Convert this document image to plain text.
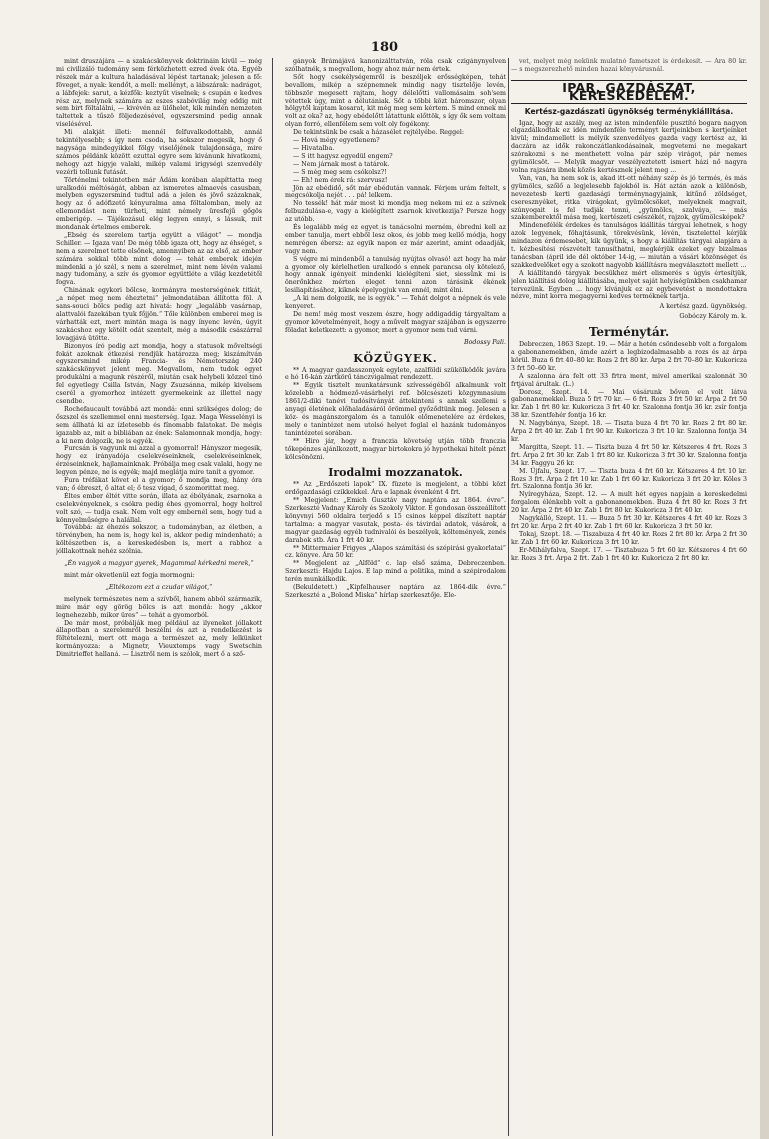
180

mint druszájára — a szakácskönyvek doktrináin kivül — még mi civilizáló tudomány sem férközhetett ezred évek óta. Egyéb részek már a kultura haladásával lépést tartanak; jelesen a fő: föveget, a nyak: kendőt, a mell: mellényt, a lábszárak: nadrágot, a lábfejek: sarut, a kézfők: keztyűt viselnek; s csupán e kedves rész az, melynek számára az eszes szabóvilág még eddig mit sem birt föltalálni, — kivévén az ülőhelet, kik mindén nemzeten taltettek a tűszö följedezésével, egyszersmind pedig annak viselésével.

Mi alakját illeti: mennél felfuvalkodottabb, annál tekintélyesebb; s így nem csoda, ha sokszor megesik, hogy ő nagysága mindegyikkel fölgy viselőjének tulajdonsága, mire számos példánk között ezuttal egyre sem kivánunk hivatkozni, nehogy azt higyje valaki, mikép valami irigységi szenvedély vezérli tollunk futását.

Történelmi tekintetben már Ádám korában alapíttatta meg uralkodói méltóságát, abban az ismeretes almaevés casusban, melyben egyszersmind tudtul adá a jelen és jövő százaknak, hogy az ő adófizető kényuralma ama föltalomban, mely az ellemondást nem türheti, mint némely üresfejű gőgös emberigép. — Tájékozásul elég legyen ennyi, s lássuk, mit mondanak értelmes emberek.

„Ebség és szerelem tartja együtt a világot“ — mondja Schiller. — Igaza van! De még több igaza ott, hogy az éhséget, s nem a szerelmet tette elsőnek, amennyiben az az első, az ember számára sokkal több mint dolog — tehát emberek idején mindenki a jó szél, s nem a szerelmet, mint nem lévén valami nagy tudomány, a szív és gyomor együttléte a világ kezdetétől fogva.

Chinának egykori bölcse, kormányra mesterségének titkát, „a népet meg nem éheztetni“ jelmondatában állította föl. A sans-souci bölcs pedig azt hivatá: hogy „legalább vasárnap, alattvalói fazekában tyuk főjjön.“ Tőle különben emberei meg is várhatták ezt, mert mintán maga is nagy ínyenc levén, úgyit szakácshoz egy kötélt odát szentelt, még a második császárral lovagjává ütötte.

Bizonyos író pedig azt mondja, hogy a statusok mőveltségi fokát azoknak étkezési rendjük határozza meg; kiszámítván egyszersmind mikép Francia- és Németország 240 szakácskönyvet jelent meg. Megvallom, nem tudok egyet produkálni a magunk részéről, miután csak helybeli közzel tinó fel egyetlegy Csilla István, Nagy Zsuzsánna, mikép kivelsem cserél a gyomorhoz intézett gyermekeink az illettel nagy csendbe.

Rochefaucault továbbá azt mondá: enni szükséges dolog; de őszszel és szellemmel enni mesterség. Igaz. Maga Wesselényi is sem állhatá ki az ízletesebb és fínomabb falatokat. De mégis igazabb az, mit a bibliában az ének: Salamonnak mondja, hogy: a ki nem dolgozik, ne is egyék.

Furcsán is vagyunk mi azzal a gyomorral! Hányszor megesik, hogy ez irányadója cselekvéseinknek, cselekvéseinknek, érzéseinknek, hajlamainknak. Próbálja meg csak valaki, hogy ne legyen pénze, ne is egyék; majd meglátja mire tanít a gyomor.

Fura tréfákat követ el a gyomor; ő mondja meg, hány óra van; ő ébreszt, ő altat el; ő tesz vígad, ő szomorittat meg.

Éltes ember éltét vitte során, illata az ébólyának, zsarnoka a cselekvényeknek, s csókra pedig éhes gyomorral, hogy holtrol volt szó, — tudja csak. Nem volt egy embernél sem, hogy tud a könnyelműségre a halállal.

Továbbá: az éhezés sokszor, a tudományban, az életben, a törvényben, ha nem is, hogy kel is, akkor pedig mindenható; a költészetben is, a kereskedésben is, mert a rabhoz a jólllakottnak nehéz szólnia.

„Én vagyok a magyar gyerek, Magammal kérkedni merek,“

mint már okvetlenül ezt fogja mormogni:

„Eltékozom ezt a czudar világot,“

melynek természetes nem a szívből, hanem abból származik, mire már egy görög bölcs is azt mondá: hogy „akkor legnehezebb, mikor üres“ — tehát a gyomorból.

De már most, próbálják meg például az ilyeneket jóllakott állapotban a szerelemről beszélni és azt a rendelkezést is föltételezni, mert ott maga a természet az, mely lelkünket kormányozza: a Mignetr, Vieuxtemps vagy Swetschin Dimitrieffet hallaná. — Lisztről nem is szólok, mert ő a sző-

gányok Brámájává kanonizálttatván, róla csak czigánynyelven szólhatnék, s megvallom, hogy ahoz már nem értek.

Sőt hogy csekélységemről is beszéljek erősségképen, tehát bevallom, mikép a szépnemnek mindig nagy tisztelője levén, többször megesett rajtam, hogy délelőtti vallomásaim soh'sem vétettek úgy, mint a délutániak. Sőt a többi közt háromszor, olyan hölgytől kaptam kosarat, kit még meg sem kértem. S mind ennek mi volt az oka? az, hogy ebédelőtt látattunk előttök, s így ők sem voltam olyan forró, ellenfélem sem volt oly fogékony.

De tekintsünk be csak a házasélet rejtélyébe. Reggel:

— Hová mégy egyetlenem?

— Hivatalba.

— S itt hagysz egyedül engem?

— Nem járnak most a tatárok.

— S még meg sem csókolsz?!

— Eh! nem érek rá: szervusz!

Jön az ebédidő, sőt már ebédután vannak. Férjem urám feltelt, s megcsókolja nejét . . . pá! lelkem.

No tessék! hát már most ki mondja meg nekem mi ez a szívnek felbuzdulása-e, vagy a kielégített zsarnok kivetkezija? Persze hogy az utóbb.

És legalább még ez egyet is tanácsolni merném, ébredni kell az ember tanulja, mert ebből lesz okos, és jobb meg kellő módja, hogy nemrégen ébersz: az egyik napon ez már azerint, amint odaadják, vagy nem.

S végre mi mindenből a tanulság nyújtas olvasó! azt hogy ha már a gyomor oly kérlelhetlen uralkodó s ennek parancsa oly kötelező, hogy annak igényeit mindenki kielégíteni siet, siessünk mi is önerőnkhez mérten eleget tenni azon tárásink ékének lesiliapításához, kiknek épelyogjuk van ennél, mint élni.

„A ki nem dolgozik, ne is egyék.“ — Tehát dolgot a népnek és vele kenyeret.

De nem! még most veszem észre, hogy addigaddig tárgyaltam a gyomor követelményeit, hogy a művelt magyar szájában is egyszerre föladat keletkezett: a gyomor, mert a gyomor nem tud várni.

Bodossy Pali.
KÖZÜGYEK.

** A magyar gazdasszonyok egylete, azalföldi szükölködők javára e hó 16-kán zártkörű tánczvigalmat rendezett.

** Egyik tisztelt munkatársunk szívességéből alkalmunk volt közelebb a hódmező-vásárhelyi ref. bölcsészeti közgymnasium 1861/2-diki tanévi tudósítványát áttekinteni s annak szellemi s anyagi életének előhaladásáról örömmel győződtünk meg. Jelesen a köz- és magánszorgalom és a tanulók előmenetelére az érdekes, mely e tanintézet nem utolsó helyet foglal el hazánk tudományos tanintézetei sorában.

** Hiro jár, hogy a franczia követség utján több franczia tőkepénzes ajánlkozott, magyar birtokokra jó hypothekai hitelt pénzt kölcsönözni.

Irodalmi mozzanatok.

** Az „Erdőszeti lapok“ IX. füzete is megjelent, a többi közt erdőgazdasági czikkekkel. Ára e lapnak évenként 4 frt.

** Megjelent: „Emich Gusztáv nagy naptára az 1864. évre“. Szerkeszté Vadnay Károly és Szokoly Viktor. E gondosan összeállított könyvnyi 560 oldalra terjedő s 15 csinos képpel díszített naptár tartalma: a magyar vasutak, posta- és távirdai adatok, vásárok, a magyar gazdaság egyéb tudnivalói és beszélyek, költemények, zenés darabok stb. Ára 1 frt 40 kr.

** Mittermaier Frigyes „Alapos számítási és szépirási gyakorlatai“ cz. könyve. Ára 50 kr.

** Megjelent az „Alföld“ c. lap első száma, Debreczenben. Szerkeszti: Hajdu Lajos. E lap mind a politika, mind a szépirodalom terén munkálkodik.

(Bekuldetett.) „Kipfelhauser naptára az 1864-dik évre.“ Szerkeszté a „Bolond Miska“ hírlap szerkesztője. Ele-

vet, melyet még nekünk mulatnó fametszet is érdekesít. — Ára 80 kr. — s megszerezhető minden hazai könyvárusnál.

IPAR, GAZDÁSZAT, KERESKEDELEM.
Kertész-gazdászati ügynökség terménykiállitása.

Igaz, hogy az aszály, meg az isten mindenféle pusztító bogara nagyon elgazdálkodtak ez idén mindenféle terményt kertjeinkben s kertjeinket kivül; mindamellett is mélyik szenvedélyes gazda vagy kertész az, ki daczára az idők rakonczátlankodásainak, megvetemi ne megakart szórakozni s ne menthetett volna pár szép virágot, pár nemes gyümölcsöt. — Melyik magyar veszélyeztetett ismert házi nő nagyra volna rajzsára ibnek közös kertésznek jelent meg ...

Van, van, ha nem sok is, akad itt-ott néhány szép és jó termés, és más gyümölcs, szőlő a legjelesebb fajokból is. Hát aztán azok a különösb, nevezetesb kerti gazdasági terménynagyjaink, kitűnő zöldséget, cseresznyéket, ritka virágokat, gyümölcsöket, melyeknek magvait, szúnyogait is fel tudják tenni, „gyümölcs, szalváya, — más szakemberektől mása meg, kertészeti csészékét, rajzok, gyümölcsképek?

Mindenefélék érdekes és tanulságos kiállitás tárgyai lehetnek, s hogy azok legyenek, föhajtásunk, törekvésünk, lévén, tisztelettel kérjük mindazon érdemesebet, kik ügyünk, s hogy a kiállítás tárgyai alapjára a t. kézbesítési részvételt tanusíthatni, megkérjük ezeket egy bizalmas tanácsban (ápril ide dél október 14-ig, — miután a vásári közönséget és szakkedvelőket egy a szokott nagyobb kiállításra megválasztott mellett ...

A kiállítandó tárgyak becsükhez mért elismerés s úgyis értesítjük, jelen kiállítási dolog kiállításába, melyet saját helyiségünkben csakhamar tervezünk. Egyben ... hogy kívánjuk ez az egybevetést a mondottakra nézve, mint korra megagyerni kedves terméknek tartja.

A kertész gazd. ügynökség.
Gobóczy Károly m. k.
Terménytár.

Debreczen, 1863 Szept. 19. — Már a hetén csöndesebb volt a forgalom a gabonanemekben, ámde azért a legbizodalmasabb a rozs és az árpa körül. Buza 6 frt 40–80 kr. Rozs 2 frt 80 kr. Árpa 2 frt 70–80 kr. Kukoricza 3 frt 50–60 kr.

A szalonna ára felt ott 33 frtra ment, mivel amerikai szalonnát 30 frtjával árultak. (L.)

Dorosz, Szept. 14. — Mai vásárunk bőven el volt látva gabonanemekkel. Buza 5 frt 70 kr. — 6 frt. Rozs 3 frt 50 kr. Árpa 2 frt 50 kr. Zab 1 frt 80 kr. Kukoricza 3 frt 40 kr. Szalonna fontja 36 kr. zsír fontja 38 kr. Szentfehér fontja 16 kr.

N. Nagybánya, Szept. 18. — Tiszta buza 4 frt 70 kr. Rozs 2 frt 80 kr. Árpa 2 frt 40 kr. Zab 1 frt 90 kr. Kukoricza 3 frt 10 kr. Szalonna fontja 34 kr.

Margitta, Szept. 11. — Tiszta buza 4 frt 50 kr. Kétszeres 4 frt. Rozs 3 frt. Árpa 2 frt 30 kr. Zab 1 frt 80 kr. Kukoricza 3 frt 30 kr. Szalonna fontja 34 kr. Faggyu 26 kr.

M. Újfalu, Szept. 17. — Tiszta buza 4 frt 60 kr. Kétszeres 4 frt 10 kr. Rozs 3 frt. Árpa 2 frt 10 kr. Zab 1 frt 60 kr. Kukoricza 3 frt 20 kr. Köles 3 frt. Szalonna fontja 36 kr.

Nyíregyháza, Szept. 12. — A mult hét egyes napjain a kereskedelmi forgalom élénkebb volt a gabonanemekben. Buza 4 frt 80 kr. Rozs 3 frt 20 kr. Árpa 2 frt 40 kr. Zab 1 frt 80 kr. Kukoricza 3 frt 40 kr.

Nagykálló, Szept. 11. — Buza 5 frt 30 kr. Kétszeres 4 frt 40 kr. Rozs 3 frt 20 kr. Árpa 2 frt 40 kr. Zab 1 frt 60 kr. Kukoricza 3 frt 50 kr.

Tokaj, Szept. 18. — Tiszabuza 4 frt 40 kr. Rozs 2 frt 80 kr. Árpa 2 frt 30 kr. Zab 1 frt 60 kr. Kukoricza 3 frt 10 kr.

Er-Mihályfalva, Szept. 17. — Tisztabuza 5 frt 60 kr. Kétszeres 4 frt 60 kr. Rozs 3 frt. Árpa 2 frt. Zab 1 frt 40 kr. Kukoricza 2 frt 80 kr.
